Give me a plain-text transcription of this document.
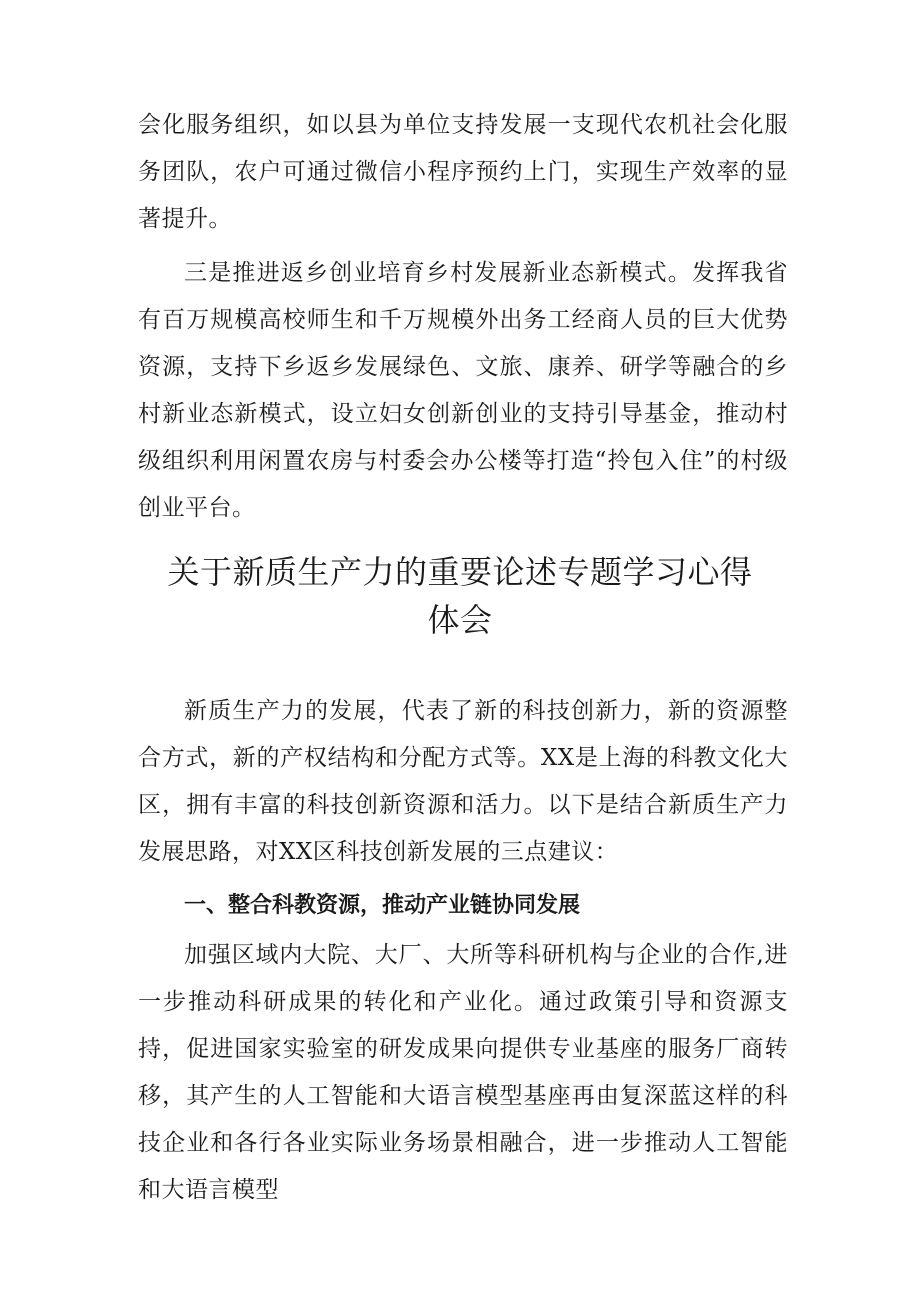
会化服务组织，如以县为单位支持发展一支现代农机社会化服务团队，农户可通过微信小程序预约上门，实现生产效率的显著提升。

三是推进返乡创业培育乡村发展新业态新模式。发挥我省有百万规模高校师生和千万规模外出务工经商人员的巨大优势资源，支持下乡返乡发展绿色、文旅、康养、研学等融合的乡村新业态新模式，设立妇女创新创业的支持引导基金，推动村级组织利用闲置农房与村委会办公楼等打造“拎包入住”的村级创业平台。

关于新质生产力的重要论述专题学习心得
体会

新质生产力的发展，代表了新的科技创新力，新的资源整合方式，新的产权结构和分配方式等。XX是上海的科教文化大区，拥有丰富的科技创新资源和活力。以下是结合新质生产力发展思路，对XX区科技创新发展的三点建议：

一、整合科教资源，推动产业链协同发展

加强区域内大院、大厂、大所等科研机构与企业的合作,进一步推动科研成果的转化和产业化。通过政策引导和资源支持，促进国家实验室的研发成果向提供专业基座的服务厂商转移，其产生的人工智能和大语言模型基座再由复深蓝这样的科技企业和各行各业实际业务场景相融合，进一步推动人工智能和大语言模型
